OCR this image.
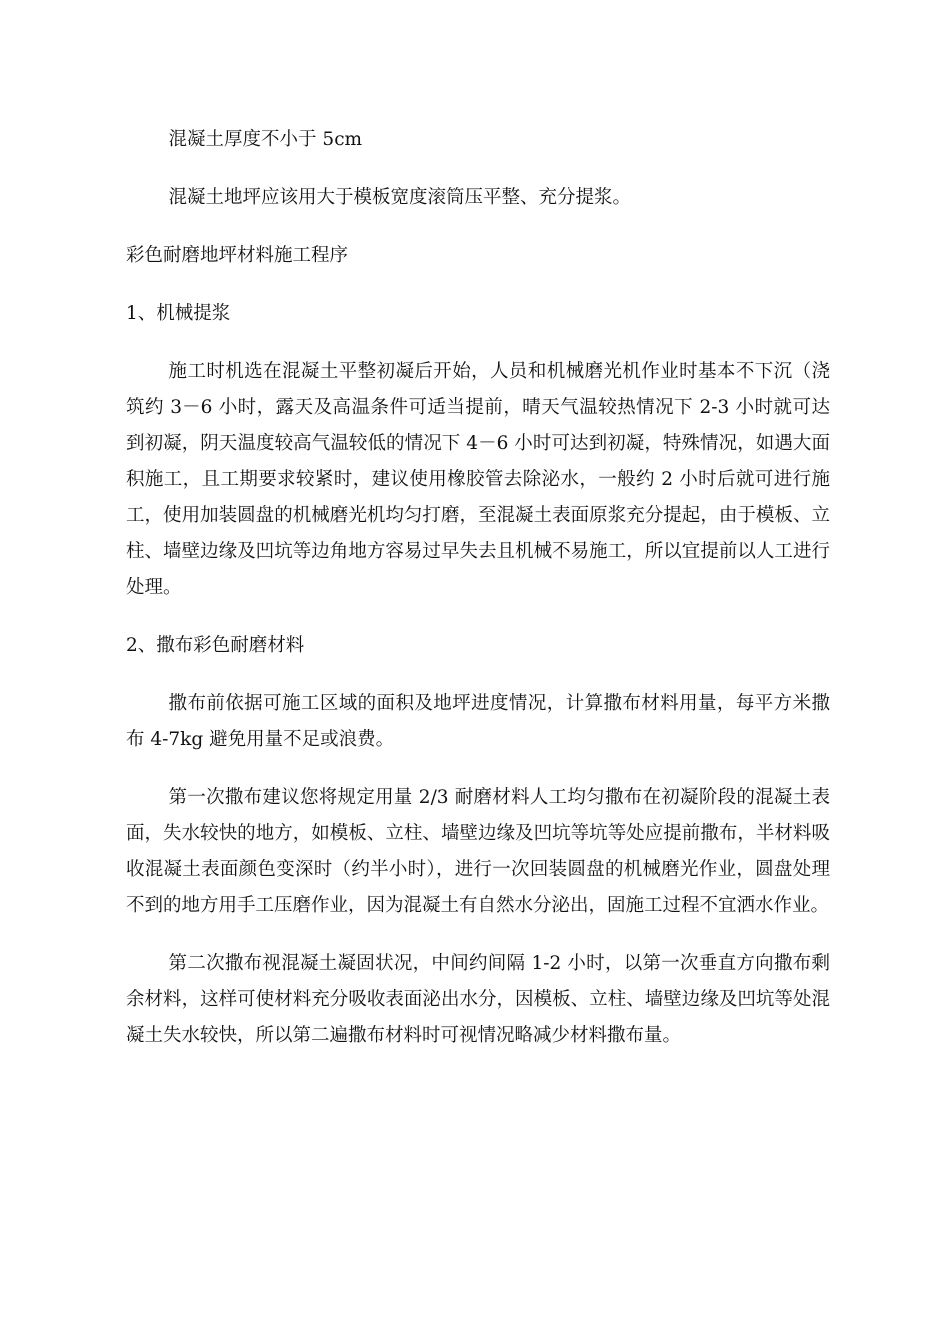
混凝土厚度不小于 5cm

混凝土地坪应该用大于模板宽度滚筒压平整、充分提浆。

彩色耐磨地坪材料施工程序

1、机械提浆

施工时机选在混凝土平整初凝后开始，人员和机械磨光机作业时基本不下沉（浇筑约 3－6 小时，露天及高温条件可适当提前，晴天气温较热情况下 2-3 小时就可达到初凝，阴天温度较高气温较低的情况下 4－6 小时可达到初凝，特殊情况，如遇大面积施工，且工期要求较紧时，建议使用橡胶管去除泌水，一般约 2 小时后就可进行施工，使用加装圆盘的机械磨光机均匀打磨，至混凝土表面原浆充分提起，由于模板、立柱、墙壁边缘及凹坑等边角地方容易过早失去且机械不易施工，所以宜提前以人工进行处理。

2、撒布彩色耐磨材料

撒布前依据可施工区域的面积及地坪进度情况，计算撒布材料用量，每平方米撒布 4-7kg 避免用量不足或浪费。

第一次撒布建议您将规定用量 2/3 耐磨材料人工均匀撒布在初凝阶段的混凝土表面，失水较快的地方，如模板、立柱、墙壁边缘及凹坑等坑等处应提前撒布，半材料吸收混凝土表面颜色变深时（约半小时），进行一次回装圆盘的机械磨光作业，圆盘处理不到的地方用手工压磨作业，因为混凝土有自然水分泌出，固施工过程不宜洒水作业。

第二次撒布视混凝土凝固状况，中间约间隔 1-2 小时，以第一次垂直方向撒布剩余材料，这样可使材料充分吸收表面泌出水分，因模板、立柱、墙壁边缘及凹坑等处混凝土失水较快，所以第二遍撒布材料时可视情况略减少材料撒布量。
